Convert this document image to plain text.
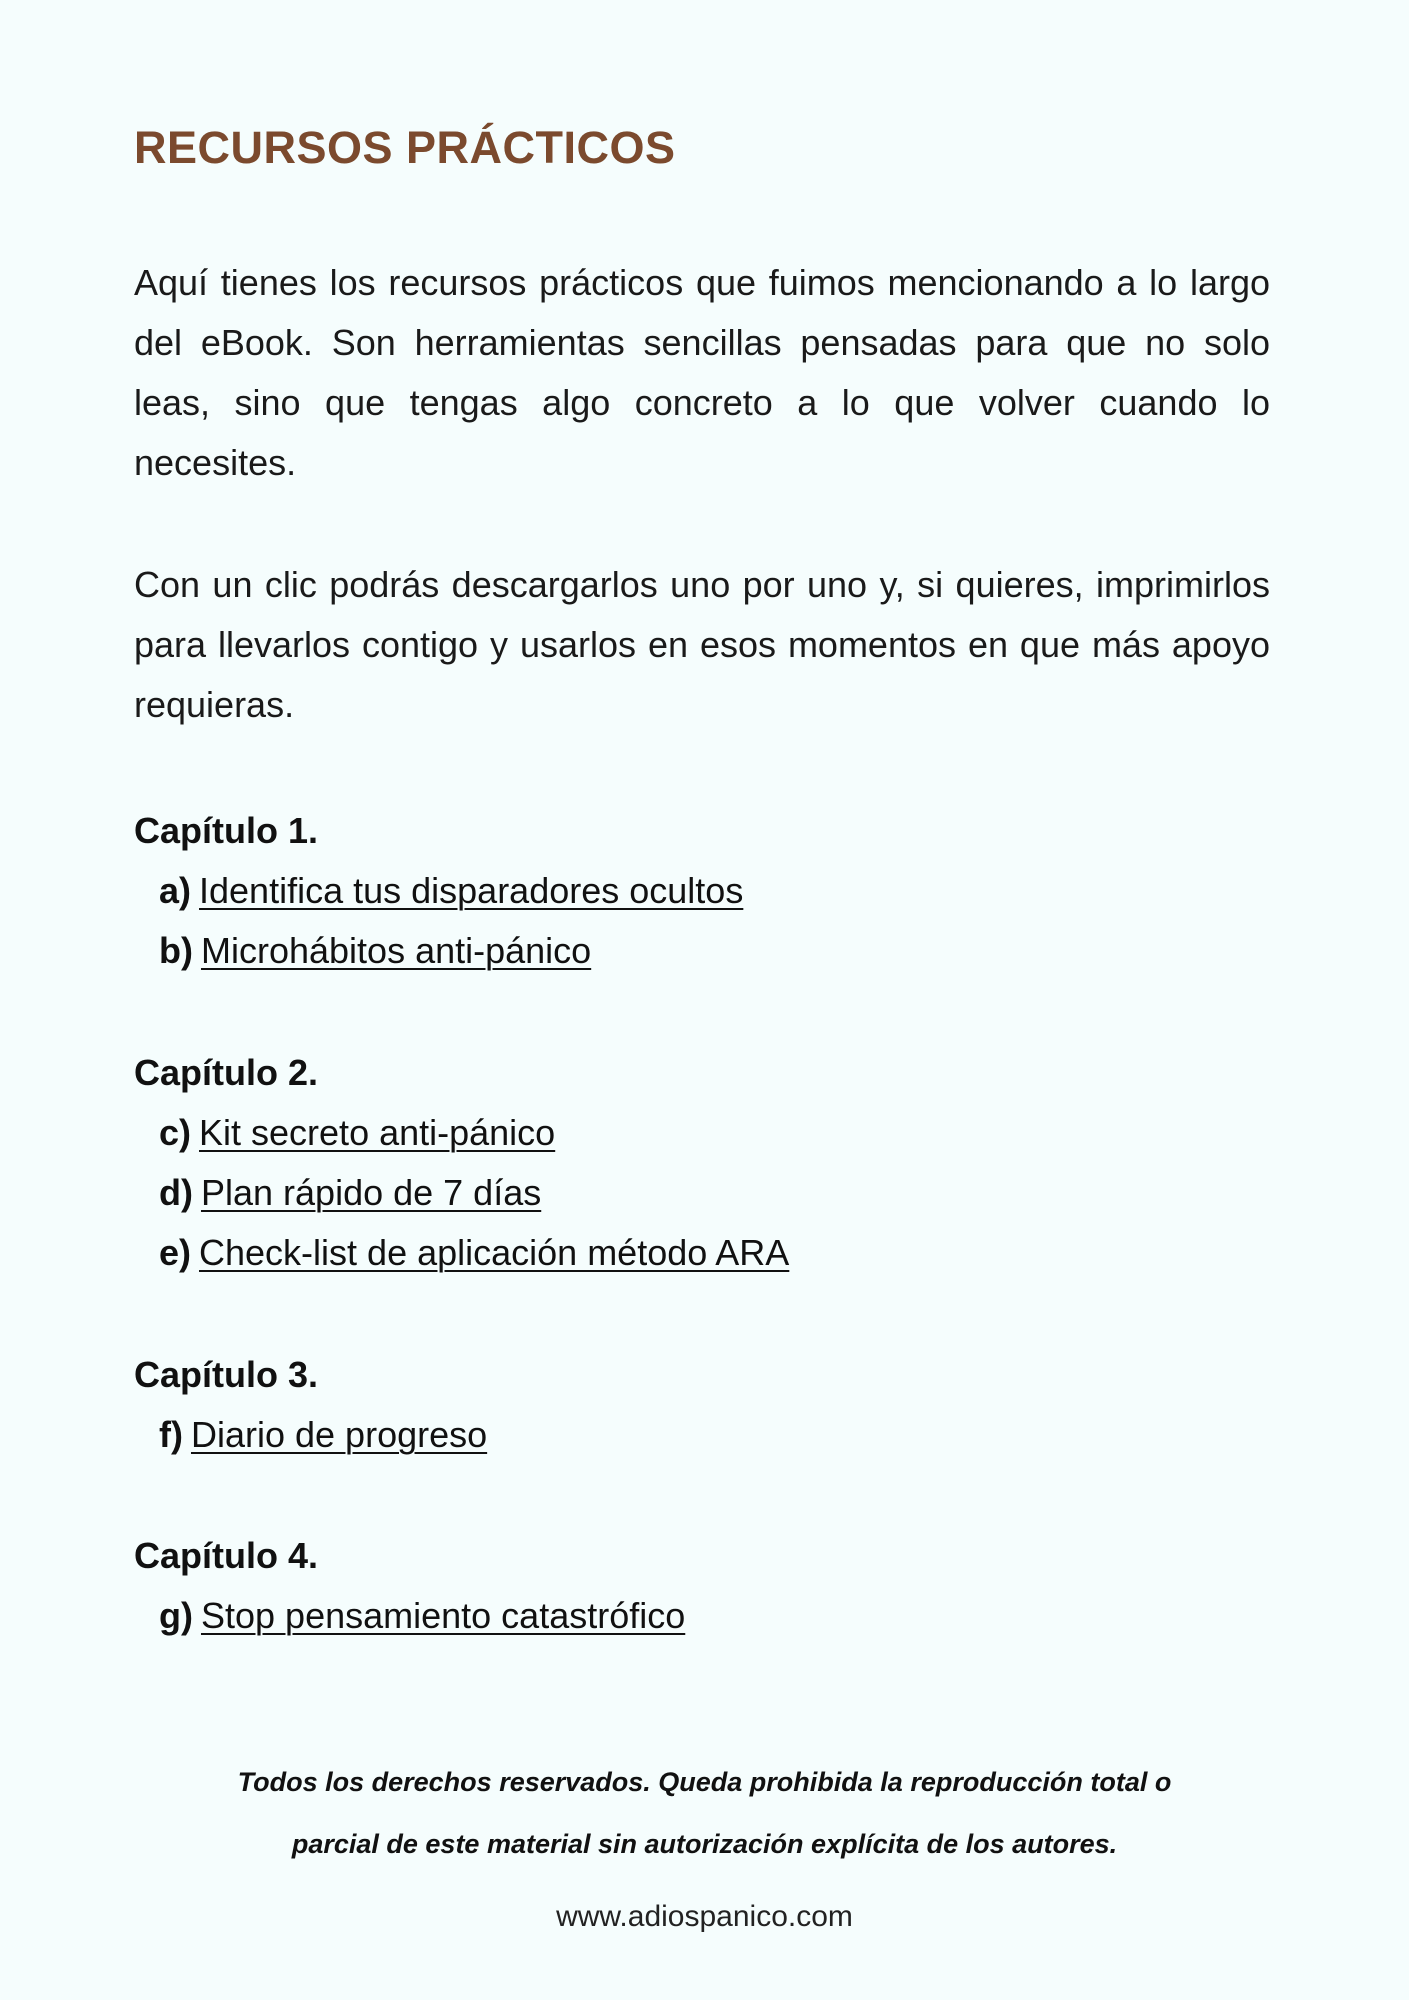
RECURSOS PRÁCTICOS

Aquí tienes los recursos prácticos que fuimos mencionando a lo largo del eBook. Son herramientas sencillas pensadas para que no solo leas, sino que tengas algo concreto a lo que volver cuando lo necesites.

Con un clic podrás descargarlos uno por uno y, si quieres, imprimirlos para llevarlos contigo y usarlos en esos momentos en que más apoyo requieras.

Capítulo 1.
a) Identifica tus disparadores ocultos
b) Microhábitos anti-pánico
Capítulo 2.
c) Kit secreto anti-pánico
d) Plan rápido de 7 días
e) Check-list de aplicación método ARA
Capítulo 3.
f) Diario de progreso
Capítulo 4.
g) Stop pensamiento catastrófico
Todos los derechos reservados. Queda prohibida la reproducción total o
parcial de este material sin autorización explícita de los autores.
www.adiospanico.com
